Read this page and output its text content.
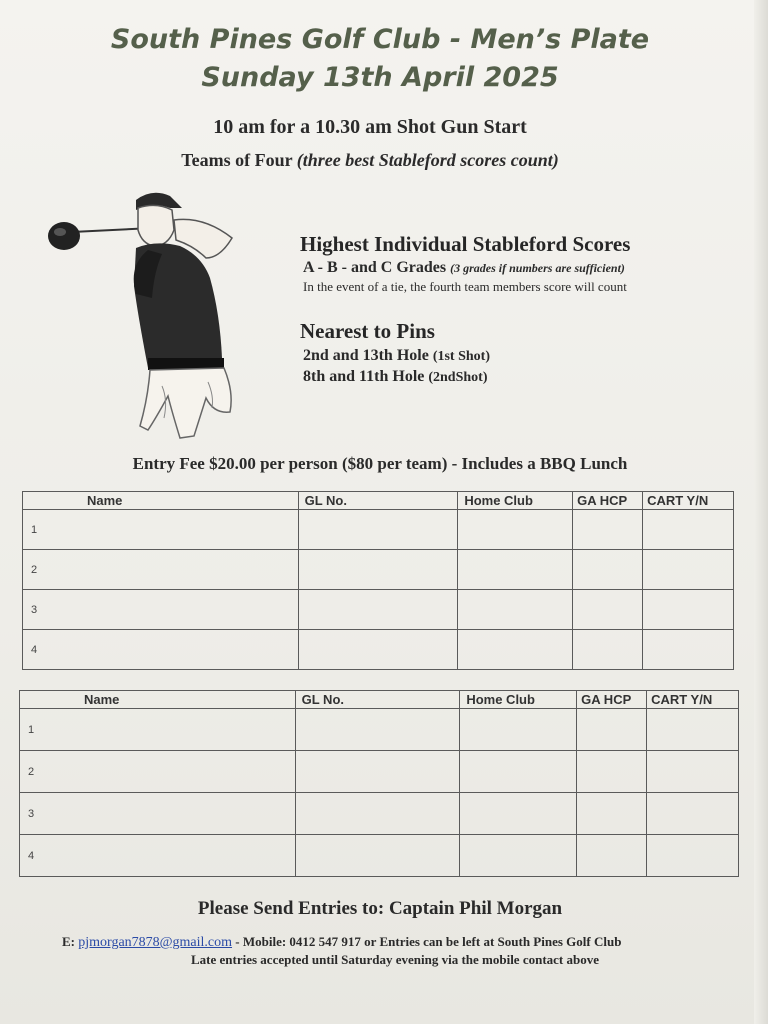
South Pines Golf Club - Men’s Plate
Sunday 13th April 2025

10 am for a 10.30 am Shot Gun Start

Teams of Four (three best Stableford scores count)

Highest Individual Stableford Scores

A - B - and C Grades (3 grades if numbers are sufficient)

In the event of a tie, the fourth team members score will count

Nearest to Pins

2nd and 13th Hole (1st Shot)

8th and 11th Hole (2ndShot)

Entry Fee $20.00 per person ($80 per team) - Includes a BBQ Lunch

Name	GL No.	Home Club	GA HCP	CART Y/N
1				
2				
3				
4				
Name	GL No.	Home Club	GA HCP	CART Y/N
1				
2				
3				
4				

Please Send Entries to: Captain Phil Morgan

E: pjmorgan7878@gmail.com - Mobile: 0412 547 917 or Entries can be left at South Pines Golf Club

Late entries accepted until Saturday evening via the mobile contact above
